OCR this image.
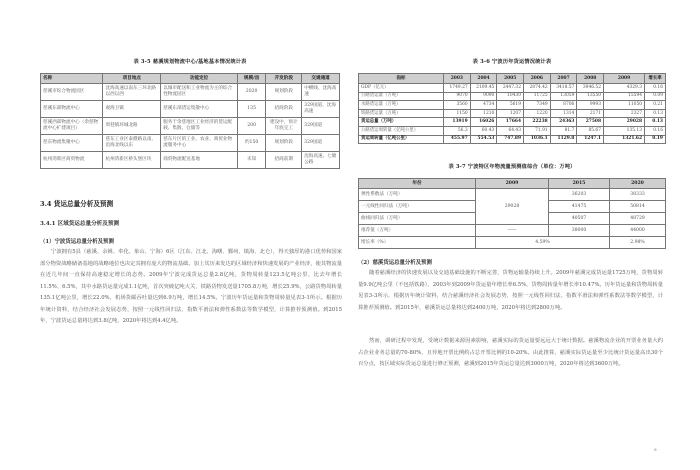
表 3-5 慈溪规划物流中心/基地基本情况统计表
名称	项目地点	功能定位	规模/亩	开发阶段	交通通道
慈溪市综合物流园区	沈海高速以南东三环北路以西以西	以城市配送和工业物流为主的综合性物流园区	2020	规划阶段	中横线、沈海高速
慈溪东部物流中心	观海卫镇	慈溪东部货运集散中心	135	招商阶段	329国道、沈海高速
慈溪西部物流中心（余慈物流中心扩建项目）	周巷镇环城北路	服务于余慈地区工业经济的货运配载、集散、仓储等	200	建设中，预计年底完工	329国道
慈东物流集聚中心	慈东工业区泰濮路以南，沿海北线以东	慈东片区的工业、农业、商贸业物流服务中心	约150	规划阶段	329国道
杭州湾新区商贸物流	杭州湾新区桥头堡区块	商贸物流配送基地	未知	招商前期	沈海高速、七塘公路
3.4 货运总量分析及预测
3.4.1 区域货运总量分析及预测
（1）宁波货运总量分析及预测

宁波拥有5县（慈溪、余姚、奉化、象山、宁海）6区（江东、江北、海曙、鄞州、镇海、北仑），得天独厚的港口优势和国家部分物资战略储备基地的战略地位也决定其拥有庞大的物流基础。加上其历来发达的区域经济和快速发展的产业经济，使其物流量在近几年间一直保持高速稳定增长的态势。2009年宁波完成货运总量2.8亿吨，货物周转量123.5亿吨公里，比去年增长11.5%、6.5%，其中水路货运量完成1.1亿吨，首次突破亿吨大关，铁路货物发送量1705.8万吨，增长25.9%，公路货物周转量135.1亿吨公里，增长22.0%，机场货邮吞吐量达到6.9万吨，增长14.5%。宁波历年货运量和货物周转量见表3-1所示。根据历年统计资料，结合经济社会发展态势，按照一元线性回归法、指数平滑法和弹性系数法等数学模型，计算推荐预测值。到2015年，宁波货运总量将达到3.8亿吨，2020年将达到4.4亿吨。

表 3-6 宁波历年货运情况统计表
指标	2003	2004	2005	2006	2007	2008	2009	增长率
GDP（亿元）	1749.27	2109.45	2447.32	2874.42	3418.57	3946.52	4329.3	0.16
公路货运量（万吨）	9070	9090	10430	11725	13059	13550	15594	0.09
水路货运量（万吨）	3560	4734	5619	7349	8706	9993	11050	0.21
铁路货运量（万吨）	1150	1210	1207	1220	1314	2171	2327	0.13
货运总量（万吨）	13919	16026	17664	22238	24363	27508	29028	0.13
公路货运周转量（亿吨公里）	56.3	60.43	64.43	71.91	81.7	85.67	135.13	0.16
货运周转量（亿吨公里）	455.97	554.53	747.89	1036.1	1129.8	1247.1	1321.62	0.19
表 3-7 宁波特区年物流量预测值综合（单位：万吨）
年份	2009	2015	2020
弹性系数法（万吨）	29028	36203	38333
一元线性回归法（万吨）		41475	50814
曲线回归法（万吨）		40507	48729
推荐值（万吨）	——	38000	44000
增长率（%）	4.59%		2.98%
（2）慈溪货运总量分析及预测

随着慈溪经济的快速发展以及交通基础设施的不断完善，货物运输量持续上升。2009年慈溪完成货运量1725万吨，货物周转量9.9亿吨公里（不包括铁路），2003年到2009年货运量年增长率6.5%，货物周转量年增长率10.47%。历年货运量和货物周转量见表3-3所示，根据历年统计资料，结合慈溪经济社会发展态势，按照一元线性回归法、指数平滑法和弹性系数法等数学模型，计算推荐预测值。到2015年，慈溪货运总量将达到2400万吨，2020年将达到2800万吨。

然而，调研过程中发现，受统计数据来源因素影响，慈溪实际的货运量要远远大于统计数据。慈溪物流企业的开票业务量大约占企业业务总量的70-80%，且异地开票比例约占总开票比例的10-20%。由此推算，慈溪实际货运量至少比统计货运量高出30个百分点，按区域实际货运总量进行修正预测，慈溪到2015年货运总量达到3000万吨，2020年将达到3600万吨。

9
